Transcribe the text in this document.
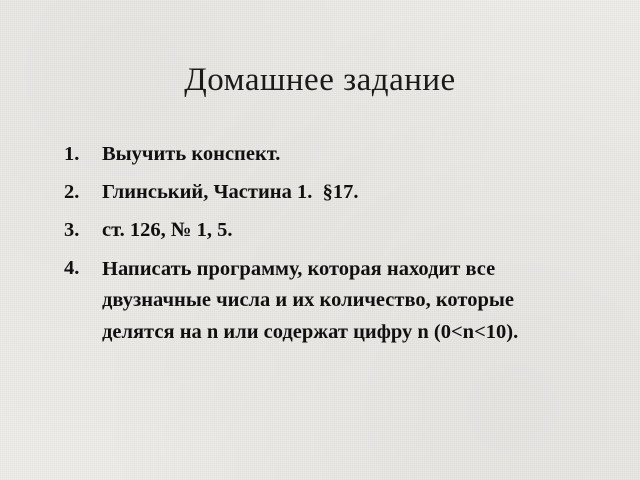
Домашнее задание
1.	Выучить конспект.
2.	Глинський, Частина 1.  §17.
3.	ст. 126, № 1, 5.
4.	Написать программу, которая находит все двузначные числа и их количество, которые делятся на n или содержат цифру n (0<n<10).
